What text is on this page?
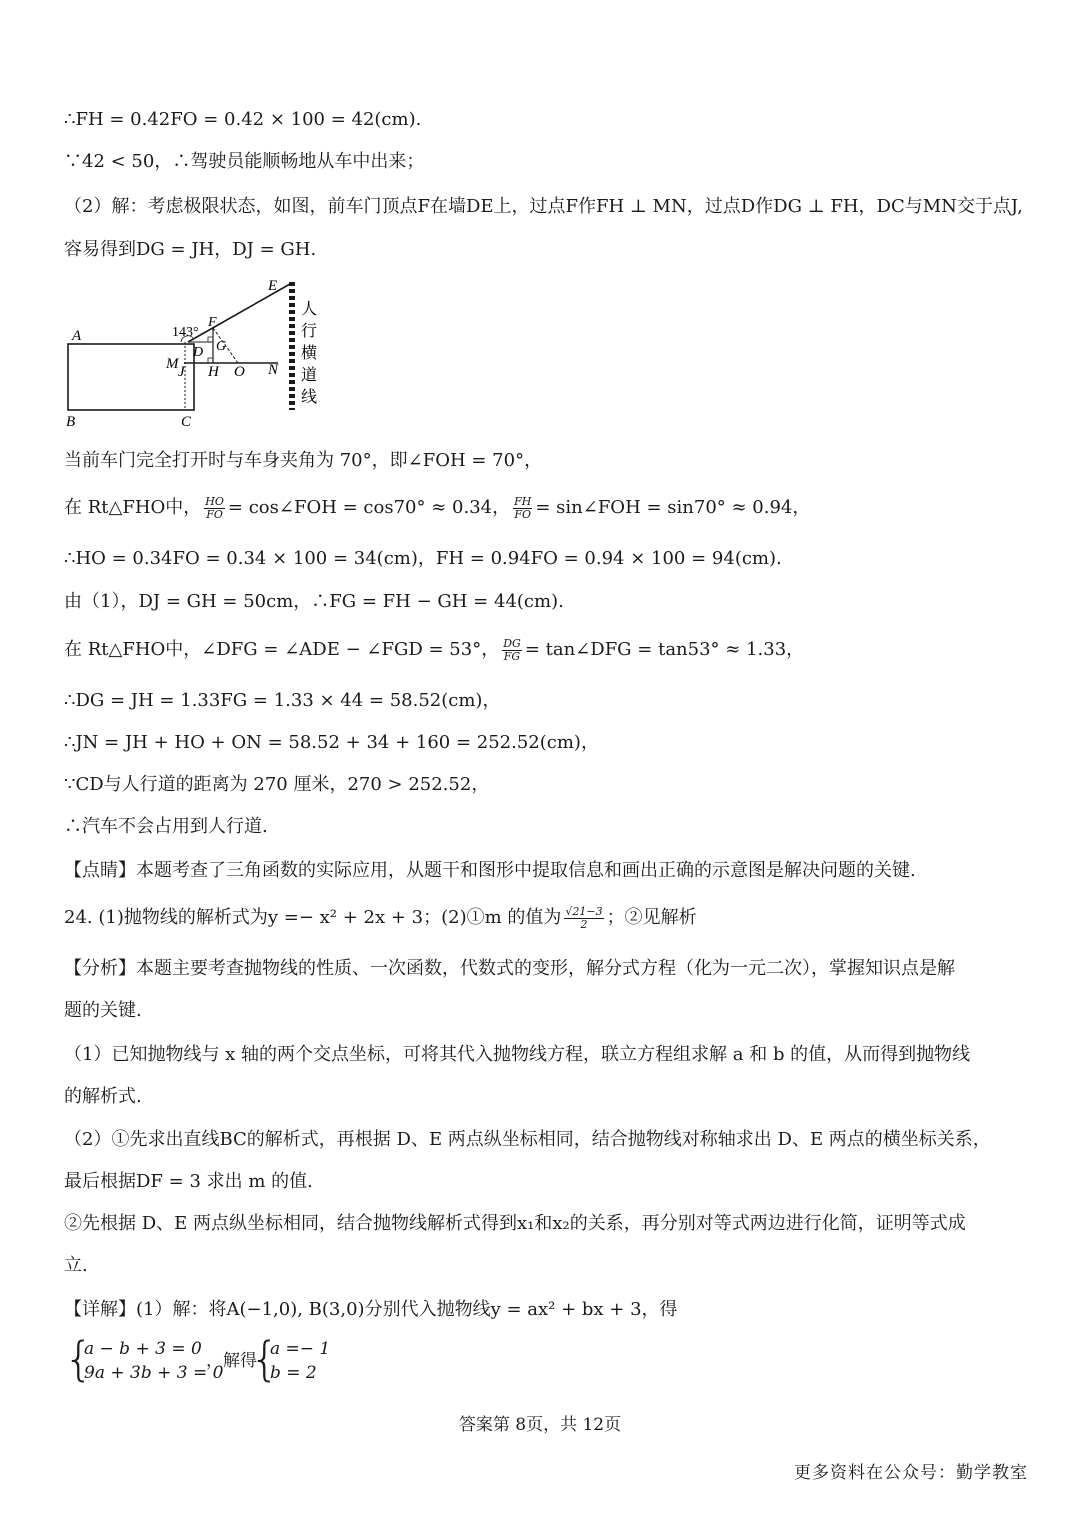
∴FH = 0.42FO = 0.42 × 100 = 42(cm).
∵42 < 50，∴驾驶员能顺畅地从车中出来；
（2）解：考虑极限状态，如图，前车门顶点F在墙DE上，过点F作FH ⊥ MN，过点D作DG ⊥ FH，DC与MN交于点J,
容易得到DG = JH，DJ = GH.
A
B	C
D
E
F
G
H
J
M	N
O
143°
人
行
横
道
线
当前车门完全打开时与车身夹角为 70°，即∠FOH = 70°，
在 Rt△FHO中， $\frac{HO}{FO}$ = cos∠FOH = cos70° ≈ 0.34， $\frac{FH}{FO}$ = sin∠FOH = sin70° ≈ 0.94，
∴HO = 0.34FO = 0.34 × 100 = 34(cm)，FH = 0.94FO = 0.94 × 100 = 94(cm).
由（1），DJ = GH = 50cm，∴FG = FH − GH = 44(cm).
在 Rt△FHO中，∠DFG = ∠ADE − ∠FGD = 53°， $\frac{DG}{FG}$ = tan∠DFG = tan53° ≈ 1.33，
∴DG = JH = 1.33FG = 1.33 × 44 = 58.52(cm)，
∴JN = JH + HO + ON = 58.52 + 34 + 160 = 252.52(cm)，
∵CD与人行道的距离为 270 厘米，270 > 252.52，
∴汽车不会占用到人行道.
【点睛】本题考查了三角函数的实际应用，从题干和图形中提取信息和画出正确的示意图是解决问题的关键.
24. (1)抛物线的解析式为y =− x² + 2x + 3；(2)①m 的值为 $\frac{√21-3}{2}$ ；②见解析
【分析】本题主要考查抛物线的性质、一次函数，代数式的变形，解分式方程（化为一元二次），掌握知识点是解
题的关键.
（1）已知抛物线与 x 轴的两个交点坐标，可将其代入抛物线方程，联立方程组求解 a 和 b 的值，从而得到抛物线
的解析式.
（2）①先求出直线BC的解析式，再根据 D、E 两点纵坐标相同，结合抛物线对称轴求出 D、E 两点的横坐标关系，
最后根据DF = 3 求出 m 的值.
②先根据 D、E 两点纵坐标相同，结合抛物线解析式得到x₁和x₂的关系，再分别对等式两边进行化简，证明等式成
立.
【详解】(1）解：将A(−1,0), B(3,0)分别代入抛物线y = ax² + bx + 3，得
{
a − b + 3 = 0
9a + 3b + 3 = 0
，解得
{
a =− 1
b = 2
答案第 8页，共 12页
更多资料在公众号：勤学教室
